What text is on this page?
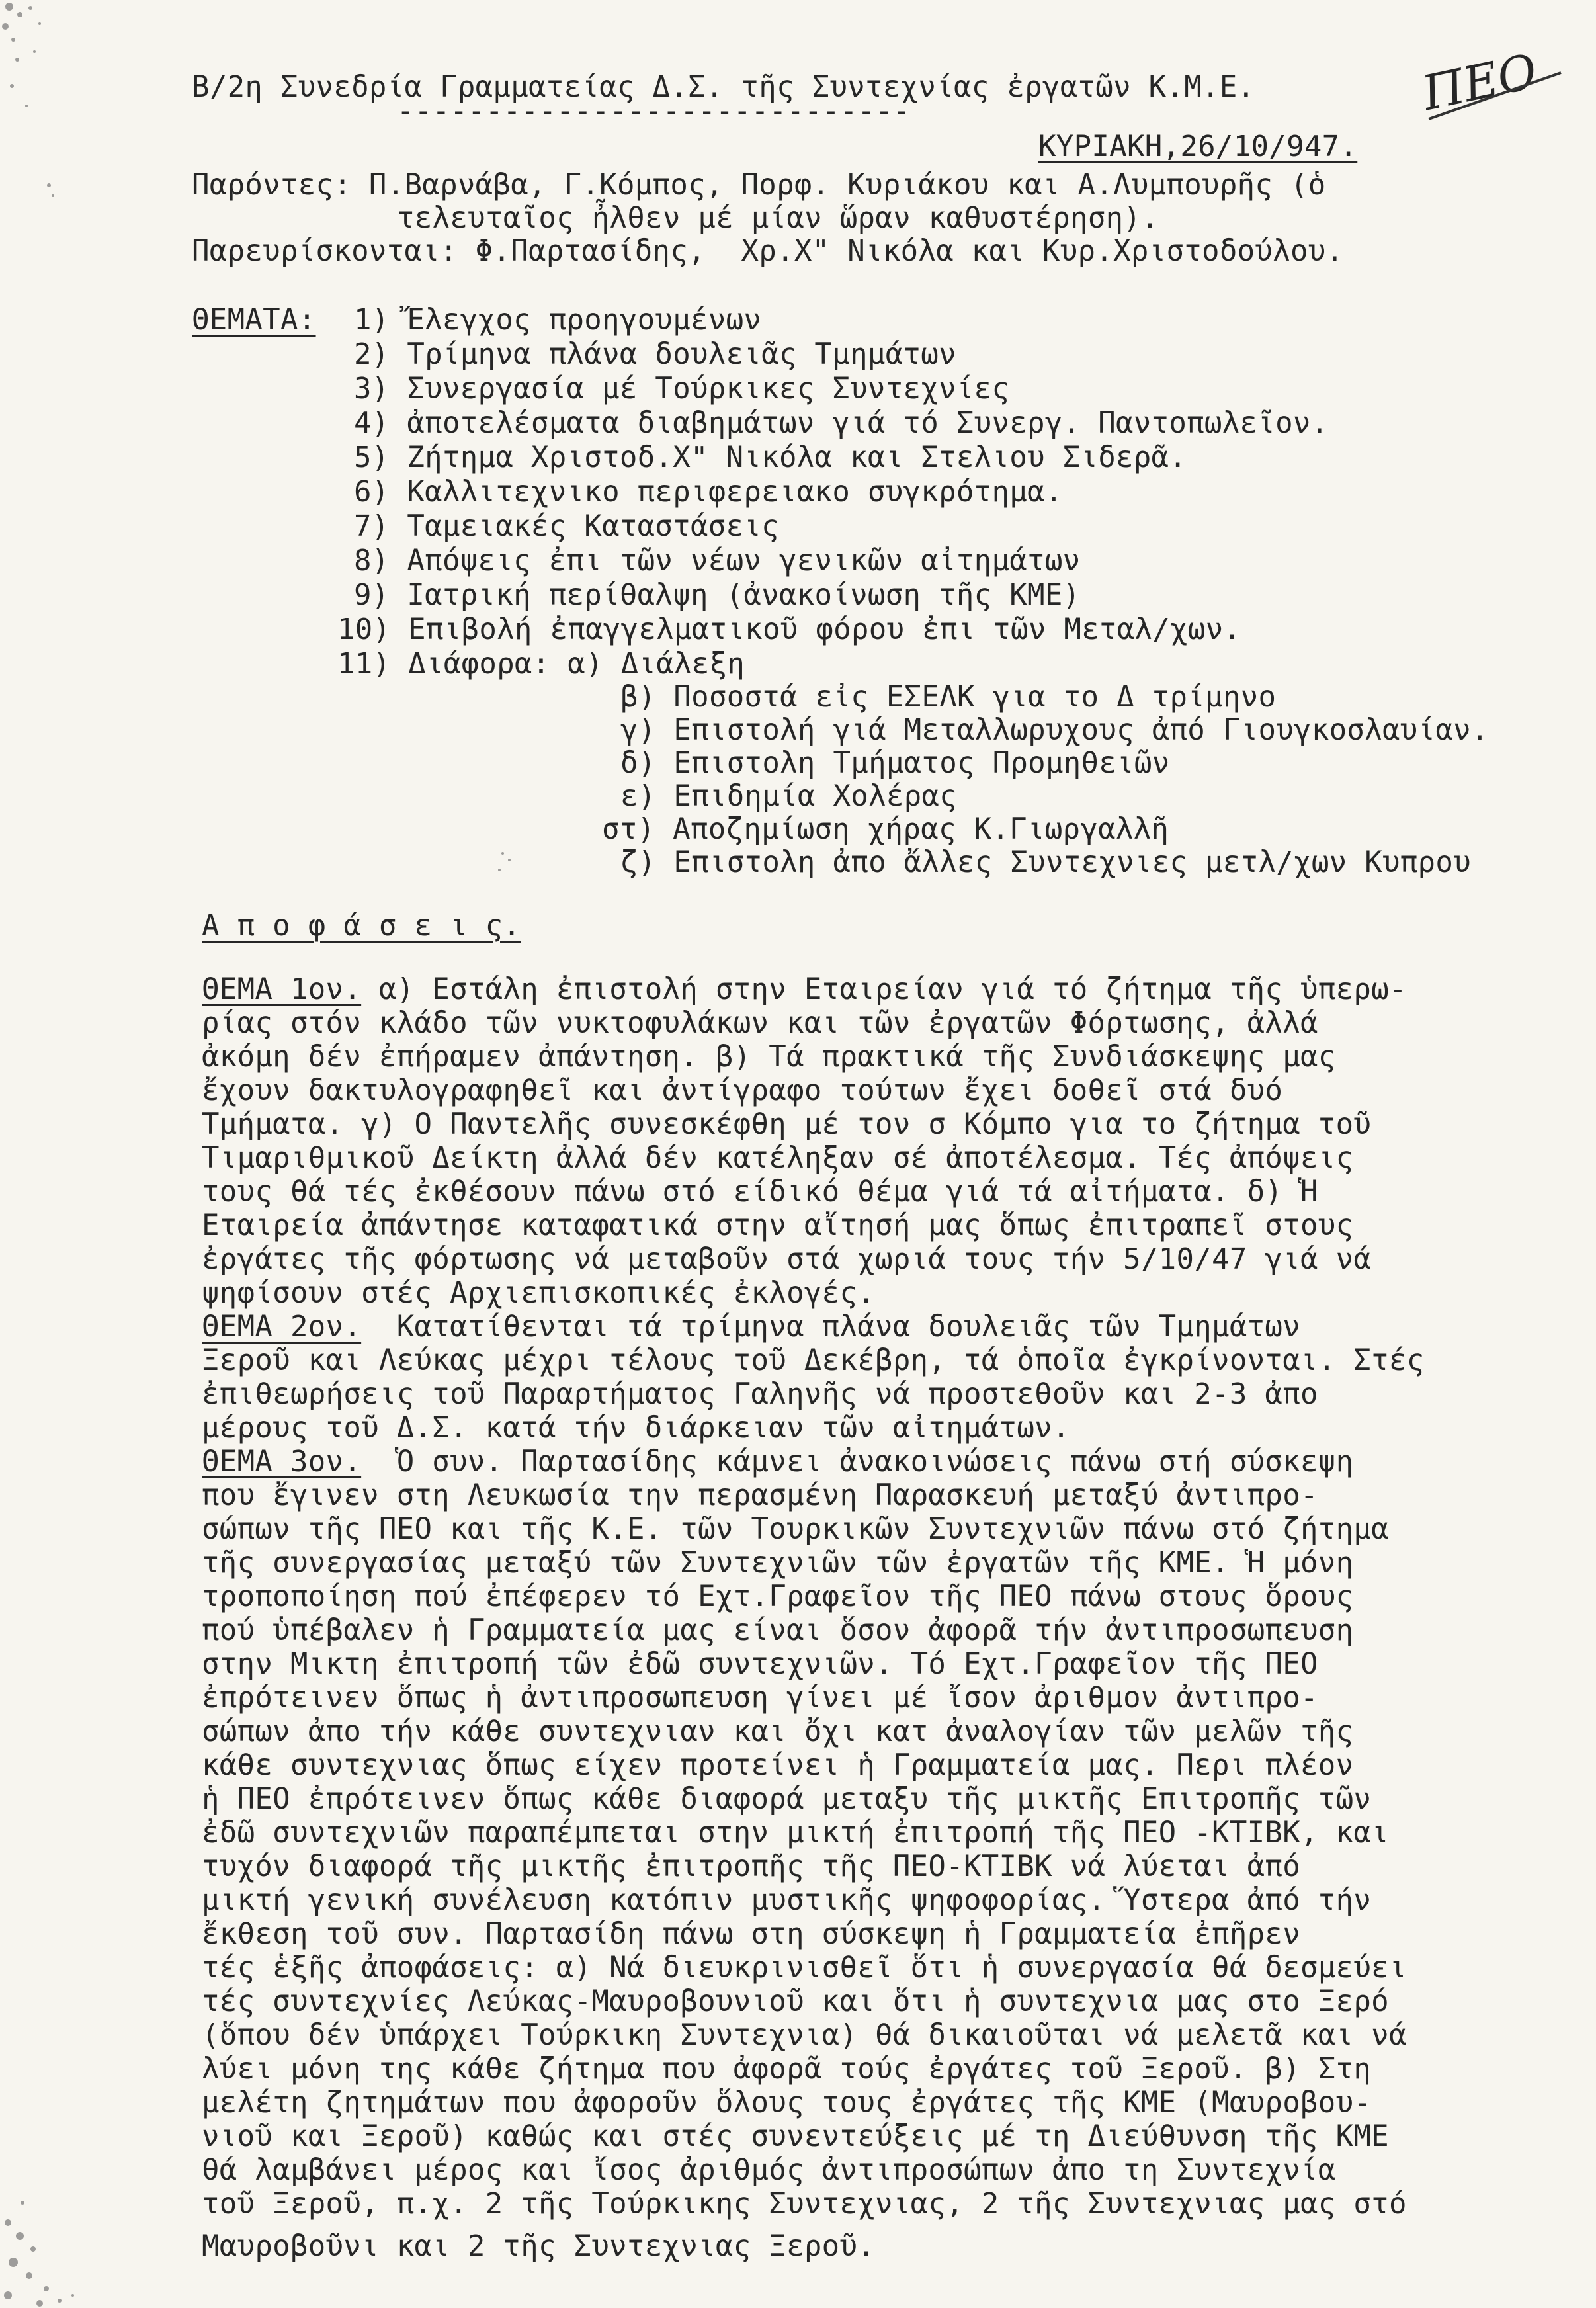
Β/2η Συνεδρία Γραμματείας Δ.Σ. τῆς Συντεχνίας ἐργατῶν Κ.Μ.Ε.
-----------------------------	ΠΕΟ
ΚΥΡΙΑΚΗ,26/10/947.
Παρόντες: Π.Βαρνάβα, Γ.Κόμπος, Πορφ. Κυριάκου και Α.Λυμπουρῆς (ὁ
τελευταῖος ἦλθεν μέ μίαν ὥραν καθυστέρηση).
Παρευρίσκονται: Φ.Παρτασίδης,  Χρ.Χ" Νικόλα και Κυρ.Χριστοδούλου.
ΘΕΜΑΤΑ: 1) Ἔλεγχος προηγουμένων
2) Τρίμηνα πλάνα δουλειᾶς Τμημάτων
3) Συνεργασία μέ Τούρκικες Συντεχνίες
4) ἀποτελέσματα διαβημάτων γιά τό Συνεργ. Παντοπωλεῖον.
5) Ζήτημα Χριστοδ.Χ" Νικόλα και Στελιου Σιδερᾶ.
6) Καλλιτεχνικο περιφερειακο συγκρότημα.
7) Ταμειακές Καταστάσεις
8) Απόψεις ἐπι τῶν νέων γενικῶν αἰτημάτων
9) Ιατρική περίθαλψη (ἀνακοίνωση τῆς ΚΜΕ)
10) Επιβολή ἐπαγγελματικοῦ φόρου ἐπι τῶν Μεταλ/χων.
11) Διάφορα: α) Διάλεξη
β) Ποσοστά εἰς ΕΣΕΛΚ για το Δ τρίμηνο
γ) Επιστολή γιά Μεταλλωρυχους ἀπό Γιουγκοσλαυίαν.
δ) Επιστολη Τμήματος Προμηθειῶν
ε) Επιδημία Χολέρας
στ) Αποζημίωση χήρας Κ.Γιωργαλλῆ
ζ) Επιστολη ἀπο ἄλλες Συντεχνιες μετλ/χων Κυπρου
Α π ο φ ά σ ε ι ς.
ΘΕΜΑ 1ον. α) Εστάλη ἐπιστολή στην Εταιρείαν γιά τό ζήτημα τῆς ὑπερω-
ρίας στόν κλάδο τῶν νυκτοφυλάκων και τῶν ἐργατῶν Φόρτωσης, ἀλλά
ἀκόμη δέν ἐπήραμεν ἀπάντηση. β) Τά πρακτικά τῆς Συνδιάσκεψης μας
ἔχουν δακτυλογραφηθεῖ και ἀντίγραφο τούτων ἔχει δοθεῖ στά δυό
Τμήματα. γ) Ο Παντελῆς συνεσκέφθη μέ τον σ Κόμπο για το ζήτημα τοῦ
Τιμαριθμικοῦ Δείκτη ἀλλά δέν κατέληξαν σέ ἀποτέλεσμα. Τές ἀπόψεις
τους θά τές ἐκθέσουν πάνω στό είδικό θέμα γιά τά αἰτήματα. δ) Ἡ
Εταιρεία ἀπάντησε καταφατικά στην αἴτησή μας ὅπως ἐπιτραπεῖ στους
ἐργάτες τῆς φόρτωσης νά μεταβοῦν στά χωριά τους τήν 5/10/47 γιά νά
ψηφίσουν στές Αρχιεπισκοπικές ἐκλογές.
ΘΕΜΑ 2ον.  Κατατίθενται τά τρίμηνα πλάνα δουλειᾶς τῶν Τμημάτων
Ξεροῦ και Λεύκας μέχρι τέλους τοῦ Δεκέβρη, τά ὁποῖα ἐγκρίνονται. Στές
ἐπιθεωρήσεις τοῦ Παραρτήματος Γαληνῆς νά προστεθοῦν και 2-3 ἀπο
μέρους τοῦ Δ.Σ. κατά τήν διάρκειαν τῶν αἰτημάτων.
ΘΕΜΑ 3ον.  Ὁ συν. Παρτασίδης κάμνει ἀνακοινώσεις πάνω στή σύσκεψη
που ἔγινεν στη Λευκωσία την περασμένη Παρασκευή μεταξύ ἀντιπρο-
σώπων τῆς ΠΕΟ και τῆς Κ.Ε. τῶν Τουρκικῶν Συντεχνιῶν πάνω στό ζήτημα
τῆς συνεργασίας μεταξύ τῶν Συντεχνιῶν τῶν ἐργατῶν τῆς ΚΜΕ. Ἡ μόνη
τροποποίηση πού ἐπέφερεν τό Εχτ.Γραφεῖον τῆς ΠΕΟ πάνω στους ὅρους
πού ὑπέβαλεν ἡ Γραμματεία μας είναι ὅσον ἀφορᾶ τήν ἀντιπροσωπευση
στην Μικτη ἐπιτροπή τῶν ἐδῶ συντεχνιῶν. Τό Εχτ.Γραφεῖον τῆς ΠΕΟ
ἐπρότεινεν ὅπως ἡ ἀντιπροσωπευση γίνει μέ ἴσον ἀριθμον ἀντιπρο-
σώπων ἀπο τήν κάθε συντεχνιαν και ὄχι κατ ἀναλογίαν τῶν μελῶν τῆς
κάθε συντεχνιας ὅπως είχεν προτείνει ἡ Γραμματεία μας. Περι πλέον
ἡ ΠΕΟ ἐπρότεινεν ὅπως κάθε διαφορά μεταξυ τῆς μικτῆς Επιτροπῆς τῶν
ἐδῶ συντεχνιῶν παραπέμπεται στην μικτή ἐπιτροπή τῆς ΠΕΟ -ΚΤΙΒΚ, και
τυχόν διαφορά τῆς μικτῆς ἐπιτροπῆς τῆς ΠΕΟ-ΚΤΙΒΚ νά λύεται ἀπό
μικτή γενική συνέλευση κατόπιν μυστικῆς ψηφοφορίας. Ὕστερα ἀπό τήν
ἔκθεση τοῦ συν. Παρτασίδη πάνω στη σύσκεψη ἡ Γραμματεία ἐπῆρεν
τές ἑξῆς ἀποφάσεις: α) Νά διευκρινισθεῖ ὅτι ἡ συνεργασία θά δεσμεύει
τές συντεχνίες Λεύκας-Μαυροβουνιοῦ και ὅτι ἡ συντεχνια μας στο Ξερό
(ὅπου δέν ὑπάρχει Τούρκικη Συντεχνια) θά δικαιοῦται νά μελετᾶ και νά
λύει μόνη της κάθε ζήτημα που ἀφορᾶ τούς ἐργάτες τοῦ Ξεροῦ. β) Στη
μελέτη ζητημάτων που ἀφοροῦν ὅλους τους ἐργάτες τῆς ΚΜΕ (Μαυροβου-
νιοῦ και Ξεροῦ) καθώς και στές συνεντεύξεις μέ τη Διεύθυνση τῆς ΚΜΕ
θά λαμβάνει μέρος και ἴσος ἀριθμός ἀντιπροσώπων ἀπο τη Συντεχνία
τοῦ Ξεροῦ, π.χ. 2 τῆς Τούρκικης Συντεχνιας, 2 τῆς Συντεχνιας μας στό
Μαυροβοῦνι και 2 τῆς Συντεχνιας Ξεροῦ.
